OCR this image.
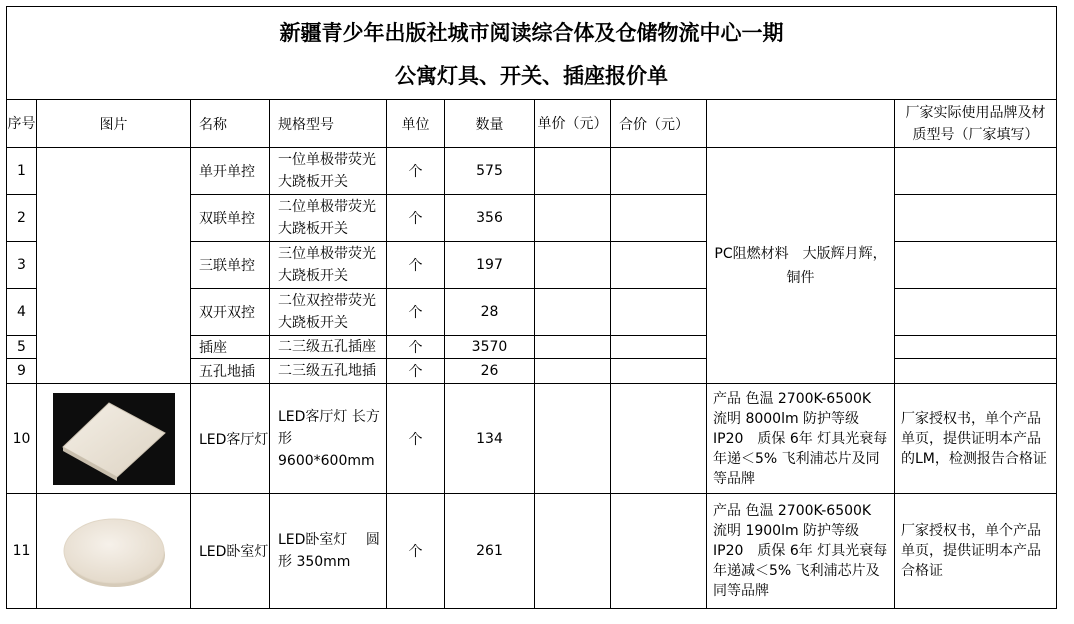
新疆青少年出版社城市阅读综合体及仓储物流中心一期
公寓灯具、开关、插座报价单									

序号	图片	名称	规格型号	单位	数量	单价（元）	合价（元）		厂家实际使用品牌及材质型号（厂家填写）
1		单开单控	一位单极带荧光大跷板开关	个	575			PC阻燃材料　大版辉月辉，铜件	
2		双联单控	二位单极带荧光大跷板开关	个	356				
3		三联单控	三位单极带荧光大跷板开关	个	197				
4		双开双控	二位双控带荧光大跷板开关	个	28				
5		插座	二三级五孔插座	个	3570				
9		五孔地插	二三级五孔地插	个	26				
10		LED客厅灯	LED客厅灯 长方形 9600*600mm	个	134			产品 色温 2700K-6500K 流明 8000lm 防护等级 IP20　质保 6年 灯具光衰每年递＜5% 飞利浦芯片及同等品牌	厂家授权书，单个产品单页，提供证明本产品的LM，检测报告合格证
11		LED卧室灯	LED卧室灯　 圆形 350mm	个	261			产品 色温 2700K-6500K 流明 1900lm 防护等级 IP20　质保 6年 灯具光衰每年递减＜5% 飞利浦芯片及同等品牌	厂家授权书，单个产品单页，提供证明本产品合格证
